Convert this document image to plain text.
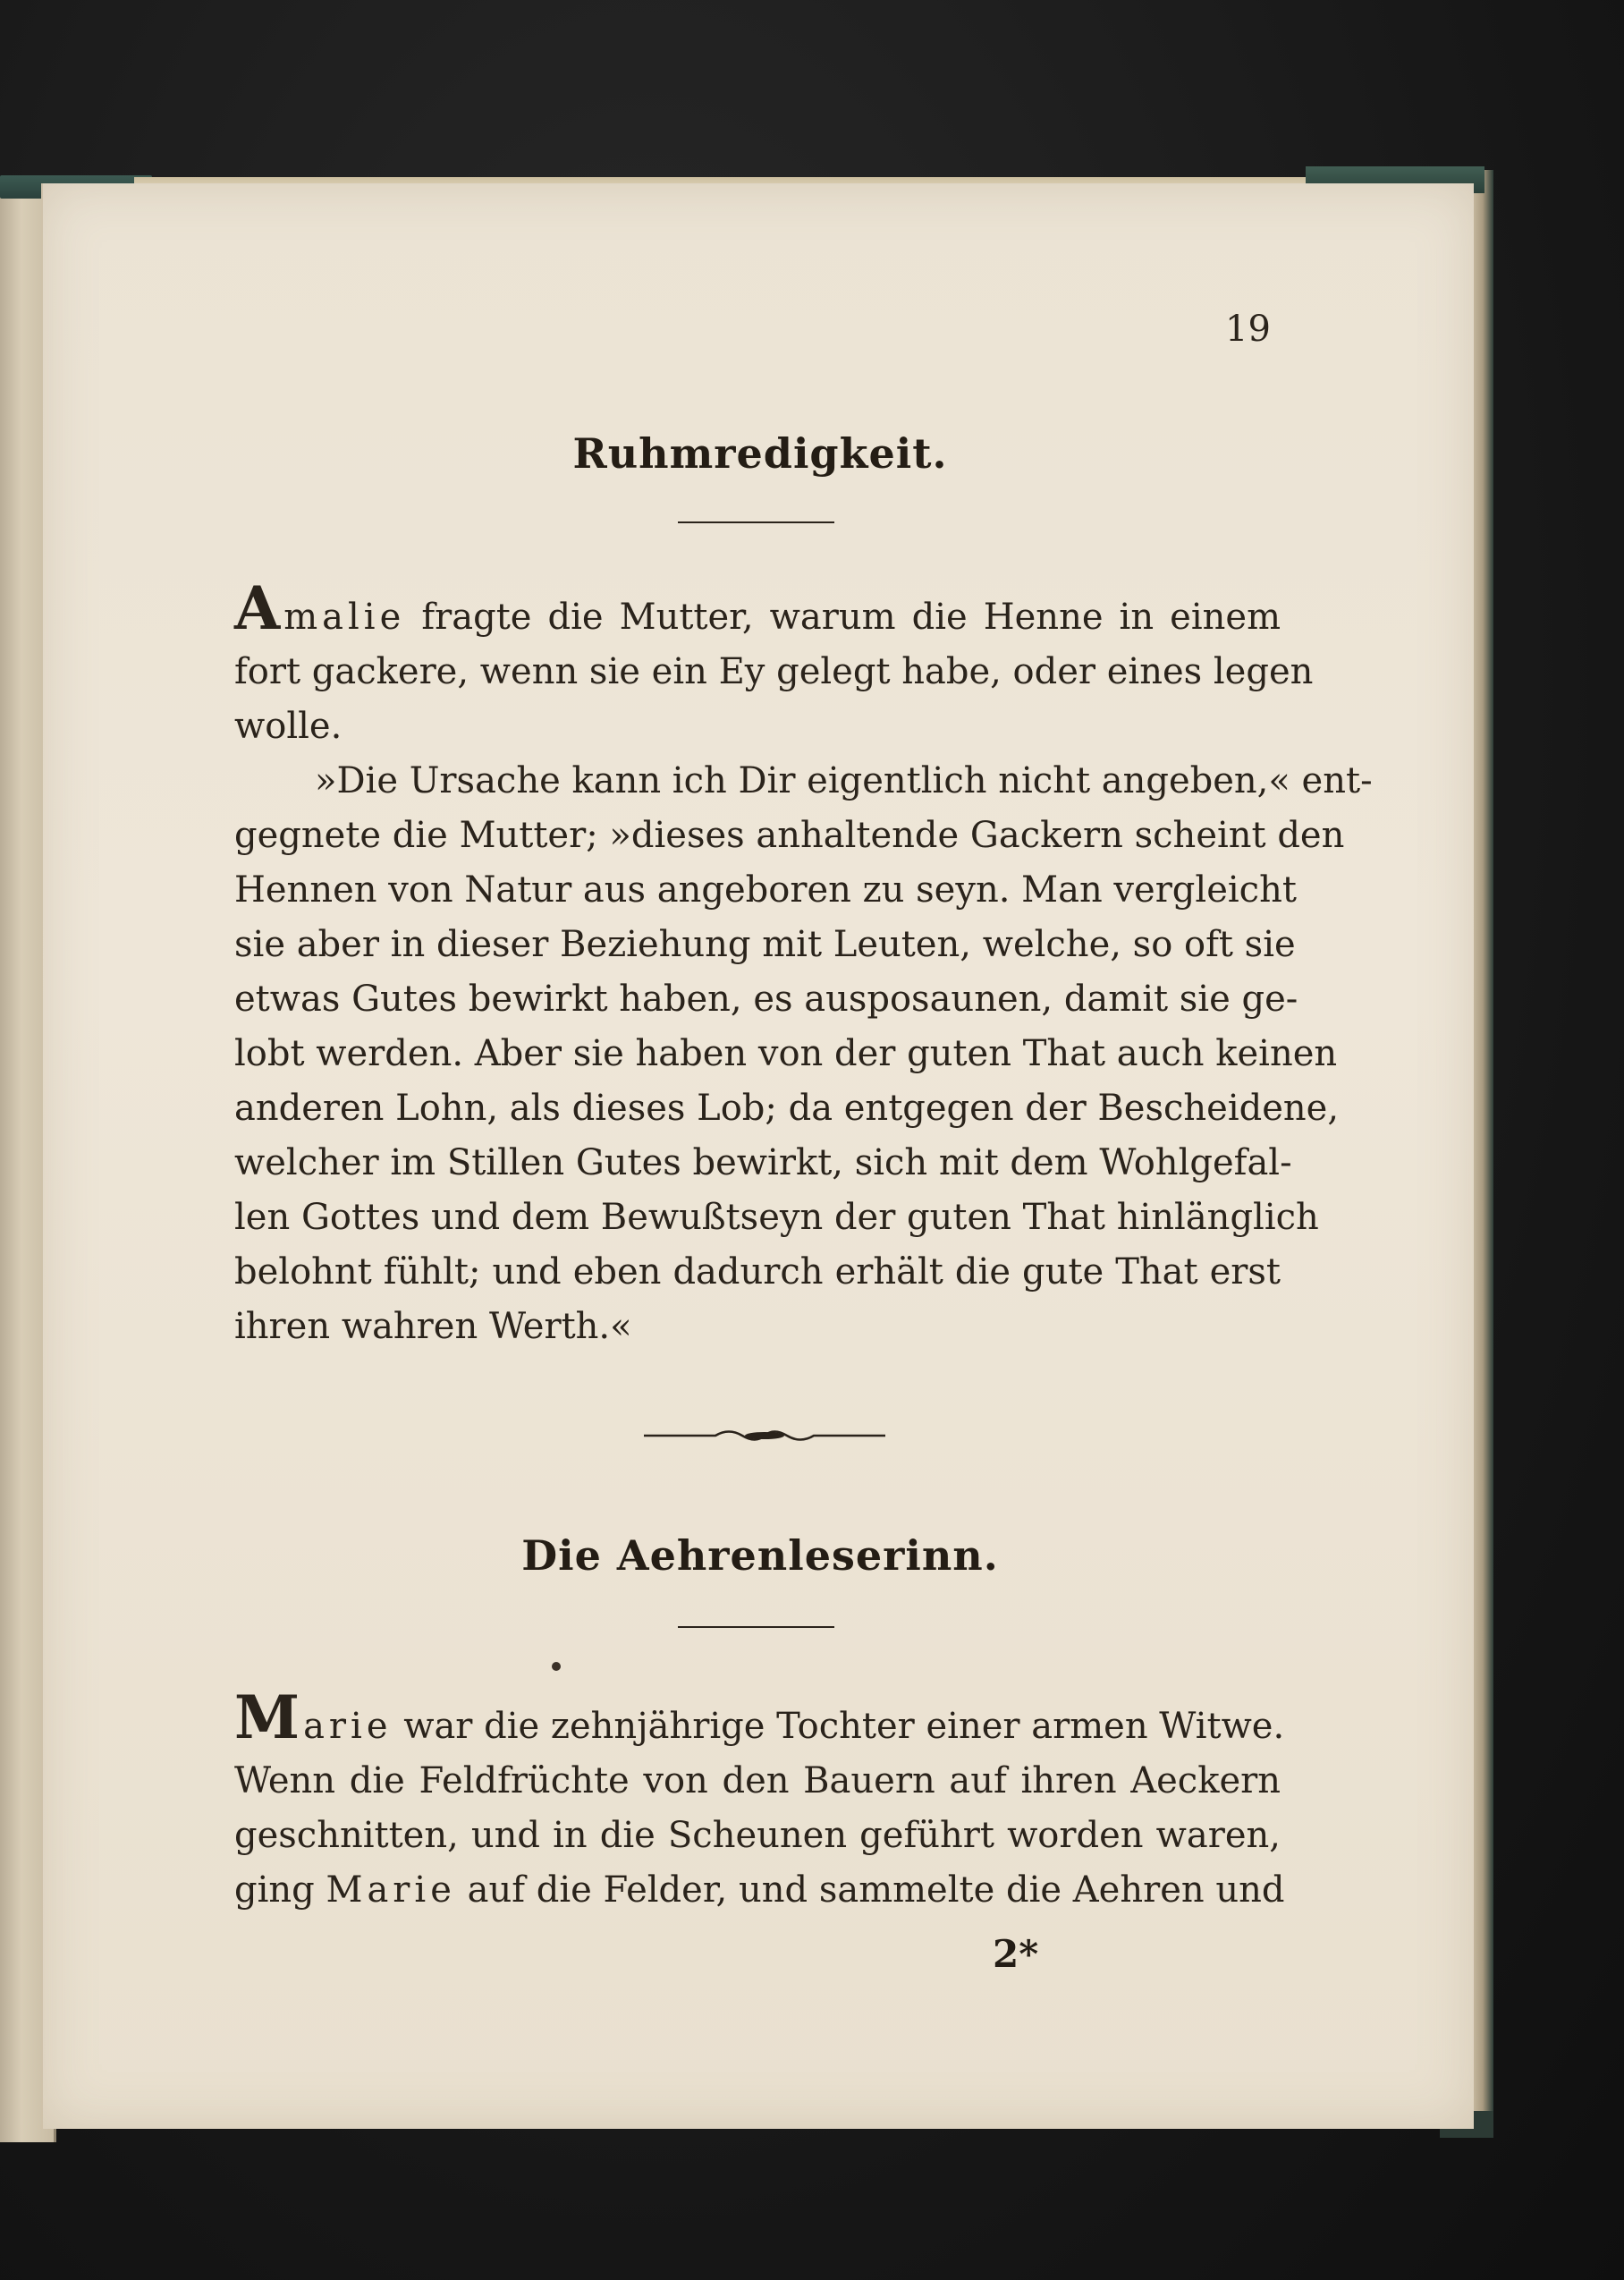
19
Ruhmredigkeit.
Amalie fragte die Mutter, warum die Henne in einem
fort gackere, wenn sie ein Ey gelegt habe, oder eines legen
wolle.
»Die Ursache kann ich Dir eigentlich nicht angeben,« ent-
gegnete die Mutter; »dieses anhaltende Gackern scheint den
Hennen von Natur aus angeboren zu seyn. Man vergleicht
sie aber in dieser Beziehung mit Leuten, welche, so oft sie
etwas Gutes bewirkt haben, es ausposaunen, damit sie ge-
lobt werden. Aber sie haben von der guten That auch keinen
anderen Lohn, als dieses Lob; da entgegen der Bescheidene,
welcher im Stillen Gutes bewirkt, sich mit dem Wohlgefal-
len Gottes und dem Bewußtseyn der guten That hinlänglich
belohnt fühlt; und eben dadurch erhält die gute That erst
ihren wahren Werth.«
Die Aehrenleserinn.
Marie war die zehnjährige Tochter einer armen Witwe.
Wenn die Feldfrüchte von den Bauern auf ihren Aeckern
geschnitten, und in die Scheunen geführt worden waren,
ging Marie auf die Felder, und sammelte die Aehren und
2*
